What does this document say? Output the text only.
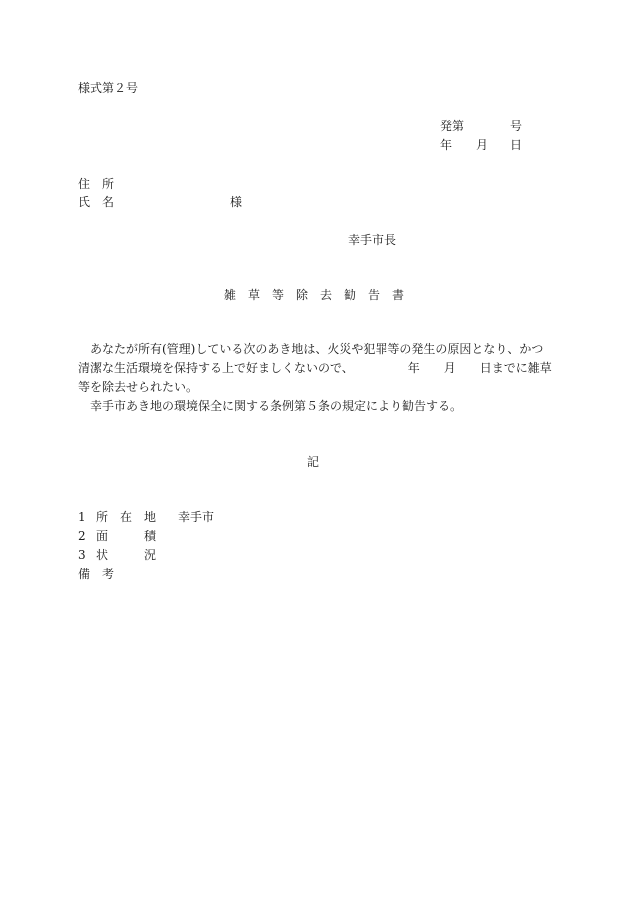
様式第２号
発第	号
年 月 日
住　所
氏　名	様
幸手市長
雑　草　等　除　去　勧　告　書
あなたが所有(管理)している次のあき地は、火災や犯罪等の発生の原因となり、かつ清潔な生活環境を保持する上で好ましくないので、　　　　　年　　月　　日までに雑草等を除去せられたい。
幸手市あき地の環境保全に関する条例第５条の規定により勧告する。
記
1 所　在　地 幸手市
2 面　　　積
3 状　　　況
備　考
